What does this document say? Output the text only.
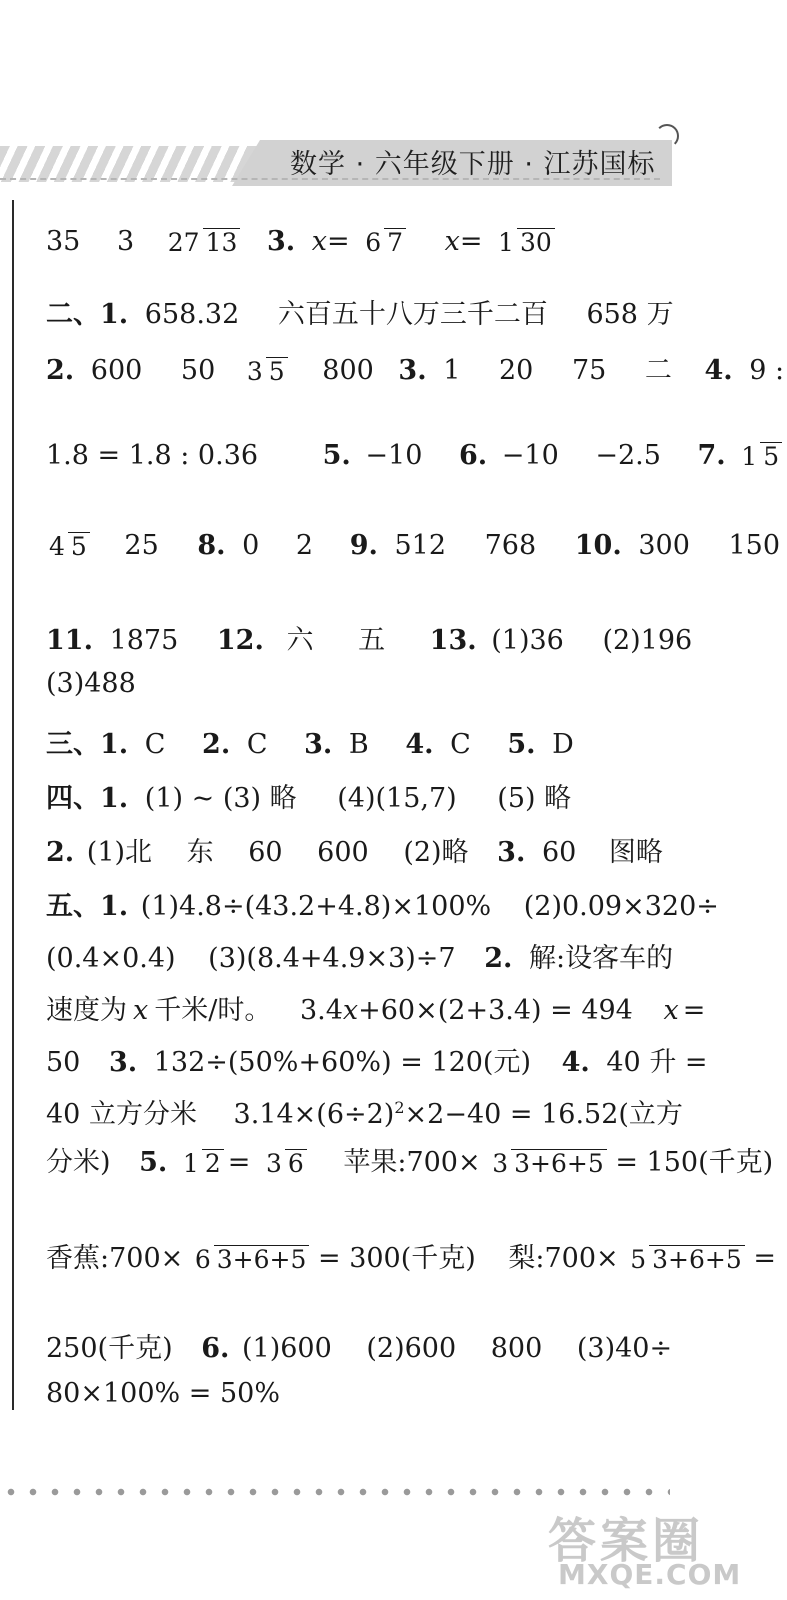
数学 · 六年级下册 · 江苏国标
35 3 27 13 3. x= 6 7 x= 1 30
二、1. 658.32 六百五十八万三千二百 658 万
2. 600 50 3 5 800 3. 1 20 75 二 4. 9 :
1.8 = 1.8 : 0.36 5. −10 6. −10 −2.5 7. 1 5
4 5 25 8. 0 2 9. 512 768 10. 300 150
11. 1875 12. 六 五 13. (1)36 (2)196
(3)488
三、1. C 2. C 3. B 4. C 5. D
四、1. (1) ~ (3) 略 (4)(15,7) (5) 略
2. (1)北 东 60 600 (2)略 3. 60 图略
五、1. (1)4.8÷(43.2+4.8)×100% (2)0.09×320÷
(0.4×0.4) (3)(8.4+4.9×3)÷7 2. 解:设客车的
速度为 x 千米/时。 3.4x+60×(2+3.4) = 494 x =
50 3. 132÷(50%+60%) = 120(元) 4. 40 升 =
40 立方分米 $3.14\times(6\div 2)^2\times 2-40 = 16.52$(立方
分米) 5. 1 2 = 3 6 苹果:700× 3 3+6+5 = 150(千克)
香蕉:700× 6 3+6+5 = 300(千克) 梨:700× 5 3+6+5 =
250(千克) 6. (1)600 (2)600 800 (3)40÷
80×100% = 50%
答案圈
MXQE.COM
